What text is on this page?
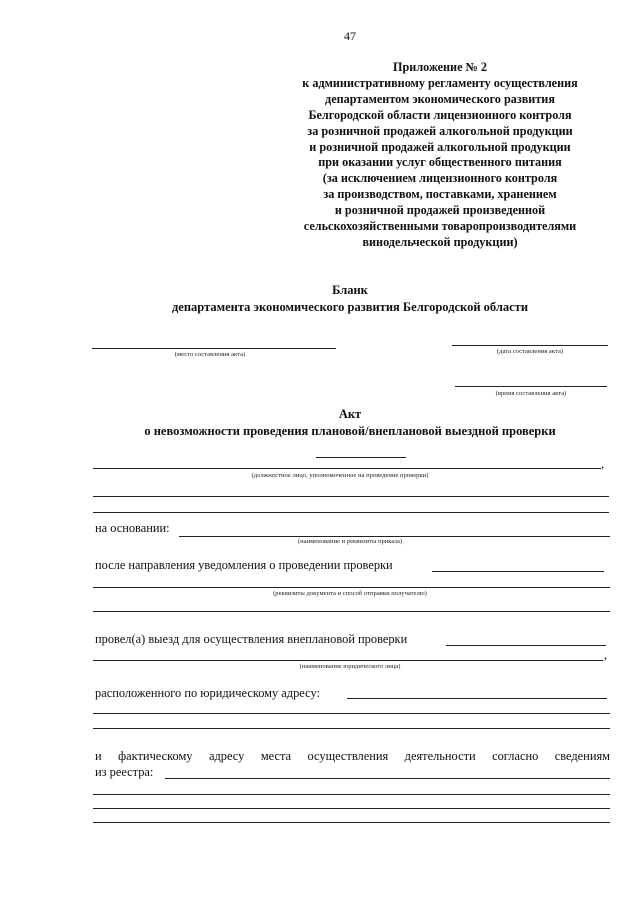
47
Приложение № 2
к административному регламенту осуществления
департаментом экономического развития
Белгородской области лицензионного контроля
за розничной продажей алкогольной продукции
и розничной продажей алкогольной продукции
при оказании услуг общественного питания
(за исключением лицензионного контроля
за производством, поставками, хранением
и розничной продажей произведенной
сельскохозяйственными товаропроизводителями
винодельческой продукции)
Бланк
департамента экономического развития Белгородской области
(место составления акта)	(дата составления акта)
(время составления акта)
Акт
о невозможности проведения плановой/внеплановой выездной проверки
,
(должностное лицо, уполномоченное на проведение проверки)
на основании:
(наименование и реквизиты приказа)
после направления уведомления о проведении проверки
(реквизиты документа и способ отправки получателю)
провел(а) выезд для осуществления внеплановой проверки
,
(наименование юридического лица)
расположенного по юридическому адресу:
и фактическому адресу места осуществления деятельности согласно сведениям
из реестра:
